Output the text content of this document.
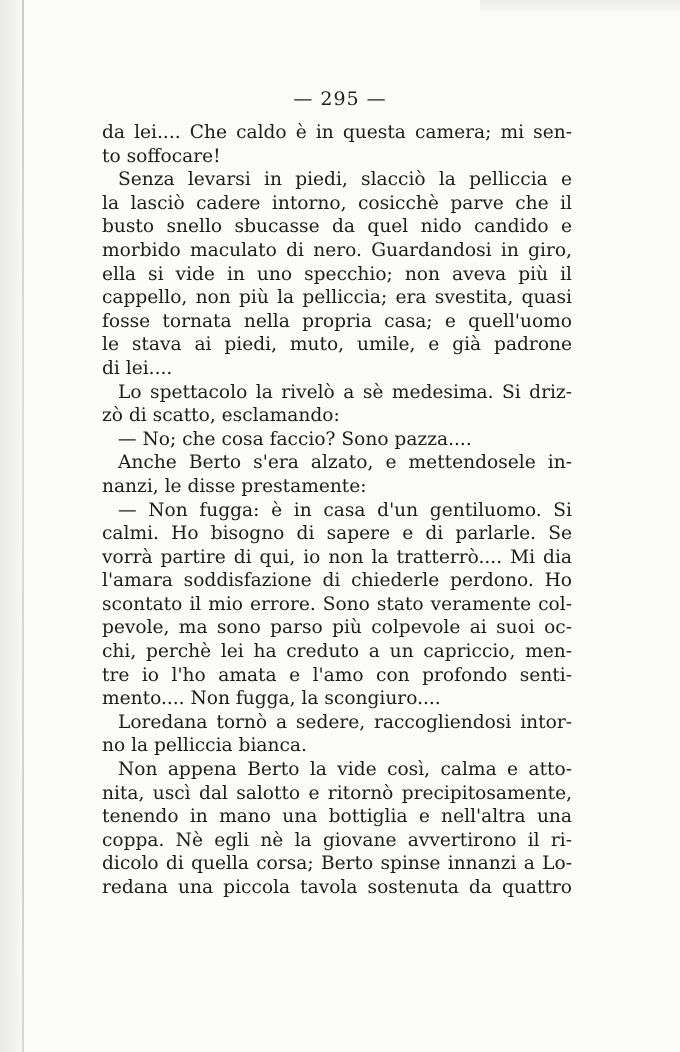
— 295 —
da lei.... Che caldo è in questa camera; mi sen-
to soffocare!
Senza levarsi in piedi, slacciò la pelliccia e
la lasciò cadere intorno, cosicchè parve che il
busto snello sbucasse da quel nido candido e
morbido maculato di nero. Guardandosi in giro,
ella si vide in uno specchio; non aveva più il
cappello, non più la pelliccia; era svestita, quasi
fosse tornata nella propria casa; e quell'uomo
le stava ai piedi, muto, umile, e già padrone
di lei....
Lo spettacolo la rivelò a sè medesima. Si driz-
zò di scatto, esclamando:
— No; che cosa faccio? Sono pazza....
Anche Berto s'era alzato, e mettendosele in-
nanzi, le disse prestamente:
— Non fugga: è in casa d'un gentiluomo. Si
calmi. Ho bisogno di sapere e di parlarle. Se
vorrà partire di qui, io non la tratterrò.... Mi dia
l'amara soddisfazione di chiederle perdono. Ho
scontato il mio errore. Sono stato veramente col-
pevole, ma sono parso più colpevole ai suoi oc-
chi, perchè lei ha creduto a un capriccio, men-
tre io l'ho amata e l'amo con profondo senti-
mento.... Non fugga, la scongiuro....
Loredana tornò a sedere, raccogliendosi intor-
no la pelliccia bianca.
Non appena Berto la vide così, calma e atto-
nita, uscì dal salotto e ritornò precipitosamente,
tenendo in mano una bottiglia e nell'altra una
coppa. Nè egli nè la giovane avvertirono il ri-
dicolo di quella corsa; Berto spinse innanzi a Lo-
redana una piccola tavola sostenuta da quattro
